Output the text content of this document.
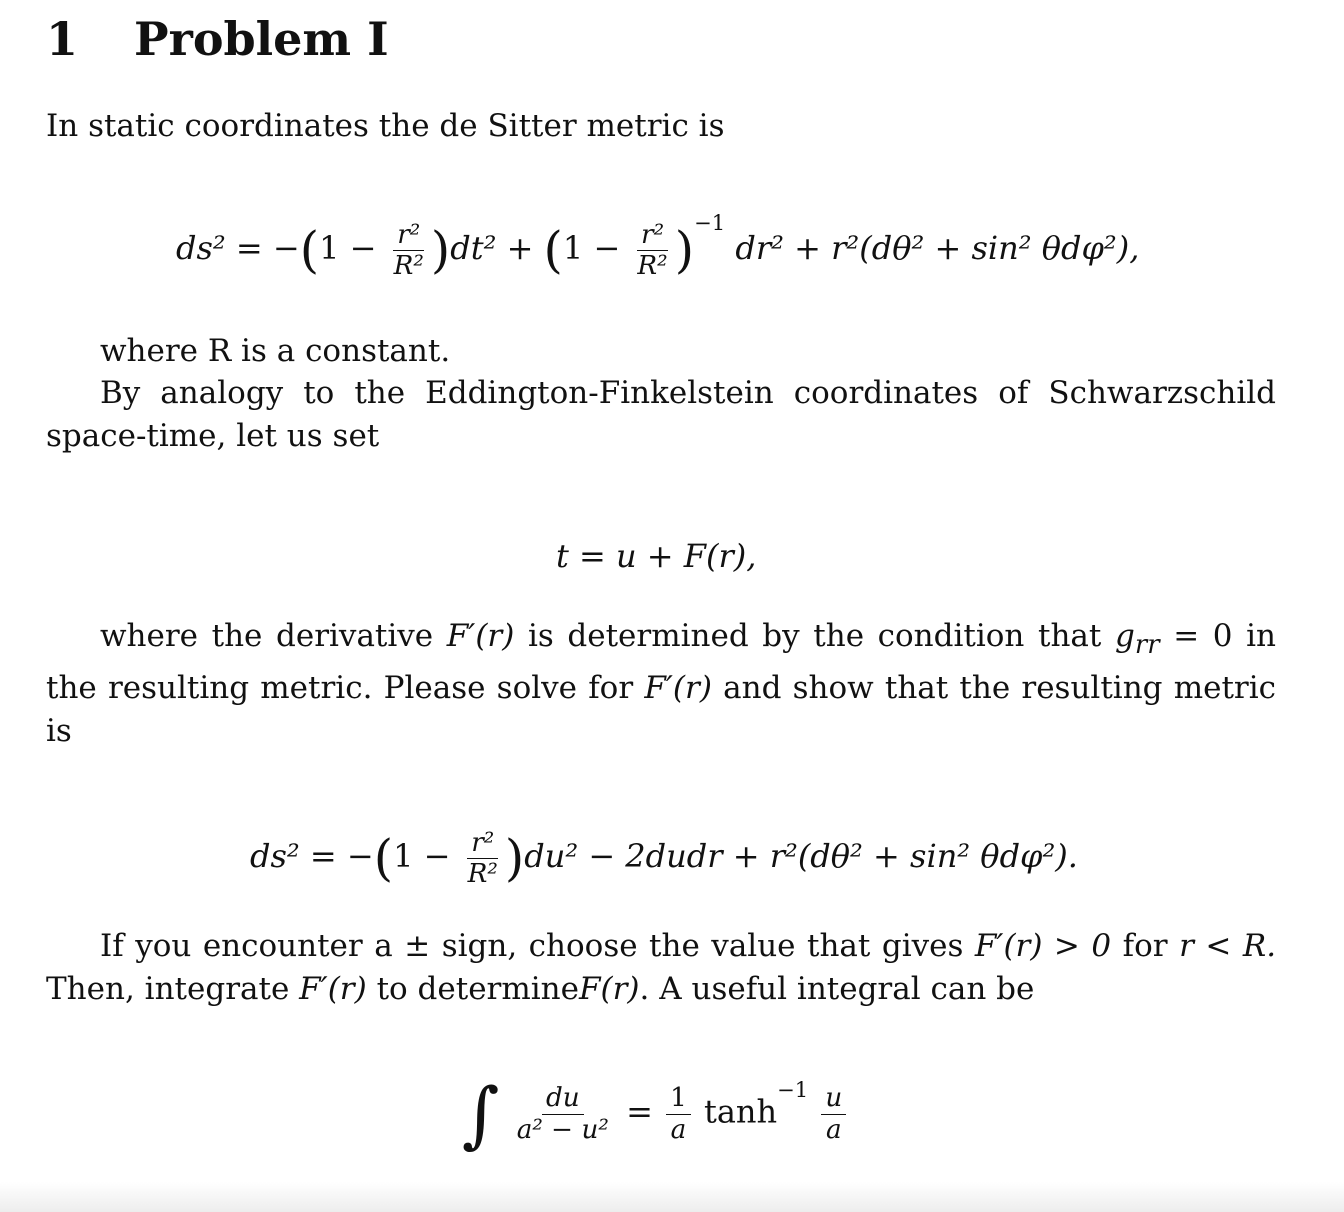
1 Problem I
In static coordinates the de Sitter metric is
$ds^2 = -(1 - \frac{\text{r²}}{\text{R²}} )dt^2 + (1 - \frac{\text{r²}}{\text{R²}} )^{-1}$ dr² + r²(dθ² + sin² θdφ²),
where R is a constant.
By analogy to the Eddington-Finkelstein coordinates of Schwarzschild space-time, let us set
t = u + F(r),
where the derivative F′(r) is determined by the condition that $g_{rr} = 0$ in the resulting metric. Please solve for F′(r) and show that the resulting metric is
$ds^2 = -(1 - \frac{\text{r²}}{\text{R²}} )du^2$ − 2dudr + r²(dθ² + sin² θdφ²).
If you encounter a ± sign, choose the value that gives F′(r) > 0 for r < R. Then, integrate F′(r) to determineF(r). A useful integral can be
∫ $\frac{du}{\text{a² − u²}} = \frac{1}{a} \tanh^{-1} \frac{u}{a}$
